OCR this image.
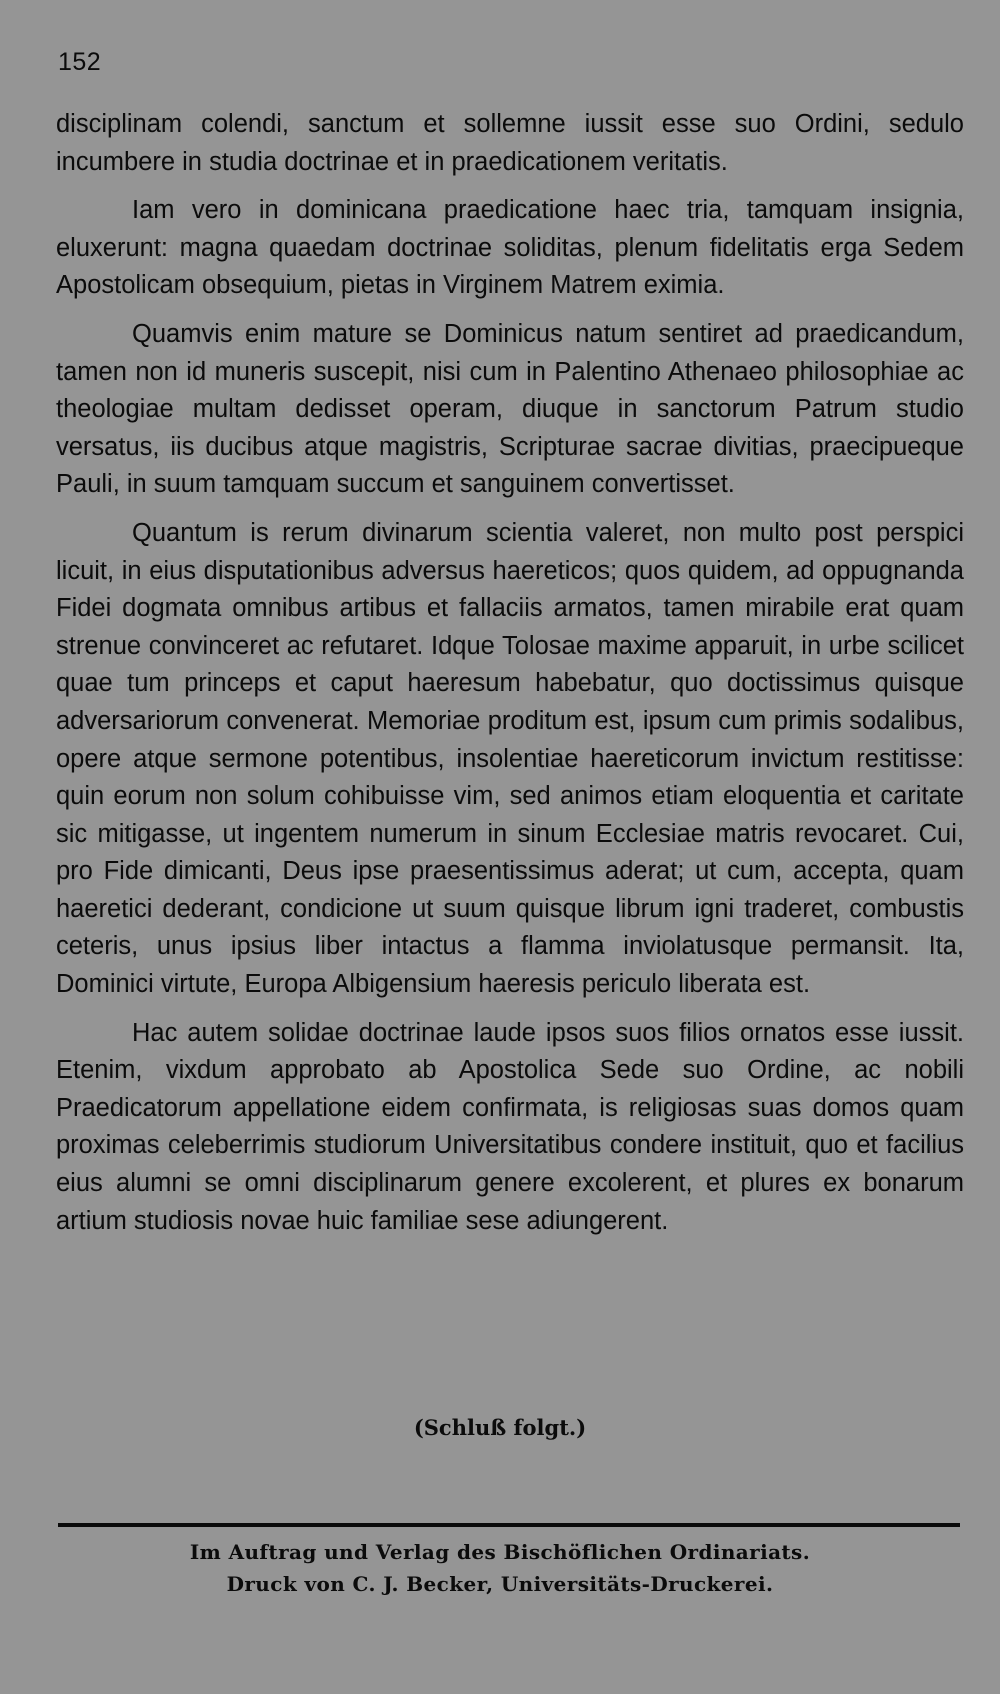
152

disciplinam colendi, sanctum et sollemne iussit esse suo Ordini, sedulo incumbere in studia doctrinae et in praedicationem veritatis.

Iam vero in dominicana praedicatione haec tria, tamquam insignia, eluxerunt: magna quaedam doctrinae soliditas, plenum fidelitatis erga Sedem Apostolicam obsequium, pietas in Virginem Matrem eximia.

Quamvis enim mature se Dominicus natum sentiret ad praedicandum, tamen non id muneris suscepit, nisi cum in Palentino Athenaeo philosophiae ac theologiae multam dedisset operam, diuque in sanctorum Patrum studio versatus, iis ducibus atque magistris, Scripturae sacrae divitias, praecipueque Pauli, in suum tamquam succum et sanguinem convertisset.

Quantum is rerum divinarum scientia valeret, non multo post perspici licuit, in eius disputationibus adversus haereticos; quos quidem, ad oppugnanda Fidei dogmata omnibus artibus et fallaciis armatos, tamen mirabile erat quam strenue convinceret ac refutaret. Idque Tolosae maxime apparuit, in urbe scilicet quae tum princeps et caput haeresum habebatur, quo doctissimus quisque adversariorum convenerat. Memoriae proditum est, ipsum cum primis sodalibus, opere atque sermone potentibus, insolentiae haereticorum invictum restitisse: quin eorum non solum cohibuisse vim, sed animos etiam eloquentia et caritate sic mitigasse, ut ingentem numerum in sinum Ecclesiae matris revocaret. Cui, pro Fide dimicanti, Deus ipse praesentissimus aderat; ut cum, accepta, quam haeretici dederant, condicione ut suum quisque librum igni traderet, combustis ceteris, unus ipsius liber intactus a flamma inviolatusque permansit. Ita, Dominici virtute, Europa Albigensium haeresis periculo liberata est.

Hac autem solidae doctrinae laude ipsos suos filios ornatos esse iussit. Etenim, vixdum approbato ab Apostolica Sede suo Ordine, ac nobili Praedicatorum appellatione eidem confirmata, is religiosas suas domos quam proximas celeberrimis studiorum Universitatibus condere instituit, quo et facilius eius alumni se omni disciplinarum genere excolerent, et plures ex bonarum artium studiosis novae huic familiae sese adiungerent.

(Schluß folgt.)
Im Auftrag und Verlag des Bischöflichen Ordinariats.
Druck von C. J. Becker, Universitäts-Druckerei.
